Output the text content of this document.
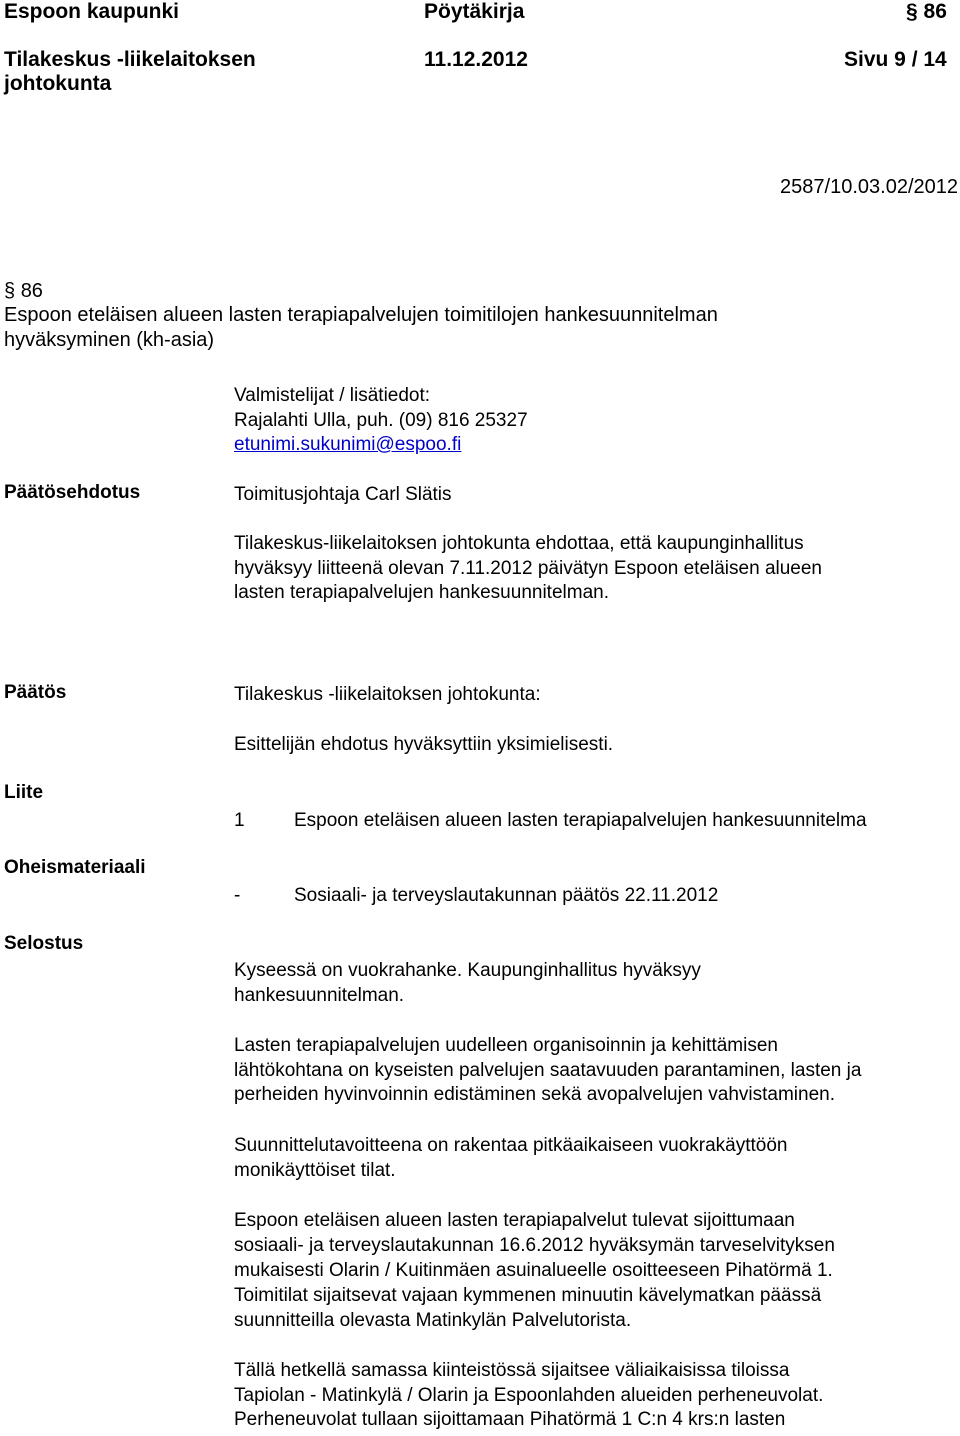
Espoon kaupunki	Pöytäkirja	§ 86
Tilakeskus -liikelaitoksen
johtokunta
11.12.2012	Sivu 9 / 14
2587/10.03.02/2012
§ 86
Espoon eteläisen alueen lasten terapiapalvelujen toimitilojen hankesuunnitelman
hyväksyminen (kh-asia)
Valmistelijat / lisätiedot:
Rajalahti Ulla, puh. (09) 816 25327
etunimi.sukunimi@espoo.fi
Päätösehdotus	Toimitusjohtaja Carl Slätis
Tilakeskus-liikelaitoksen johtokunta ehdottaa, että kaupunginhallitus
hyväksyy liitteenä olevan 7.11.2012 päivätyn Espoon eteläisen alueen
lasten terapiapalvelujen hankesuunnitelman.
Päätös	Tilakeskus -liikelaitoksen johtokunta:
Esittelijän ehdotus hyväksyttiin yksimielisesti.
Liite
1	Espoon eteläisen alueen lasten terapiapalvelujen hankesuunnitelma
Oheismateriaali
-	Sosiaali- ja terveyslautakunnan päätös 22.11.2012
Selostus
Kyseessä on vuokrahanke. Kaupunginhallitus hyväksyy
hankesuunnitelman.
Lasten terapiapalvelujen uudelleen organisoinnin ja kehittämisen
lähtökohtana on kyseisten palvelujen saatavuuden parantaminen, lasten ja
perheiden hyvinvoinnin edistäminen sekä avopalvelujen vahvistaminen.
Suunnittelutavoitteena on rakentaa pitkäaikaiseen vuokrakäyttöön
monikäyttöiset tilat.
Espoon eteläisen alueen lasten terapiapalvelut tulevat sijoittumaan
sosiaali- ja terveyslautakunnan 16.6.2012 hyväksymän tarveselvityksen
mukaisesti Olarin / Kuitinmäen asuinalueelle osoitteeseen Pihatörmä 1.
Toimitilat sijaitsevat vajaan kymmenen minuutin kävelymatkan päässä
suunnitteilla olevasta Matinkylän Palvelutorista.
Tällä hetkellä samassa kiinteistössä sijaitsee väliaikaisissa tiloissa
Tapiolan - Matinkylä / Olarin ja Espoonlahden alueiden perheneuvolat.
Perheneuvolat tullaan sijoittamaan Pihatörmä 1 C:n 4 krs:n lasten
